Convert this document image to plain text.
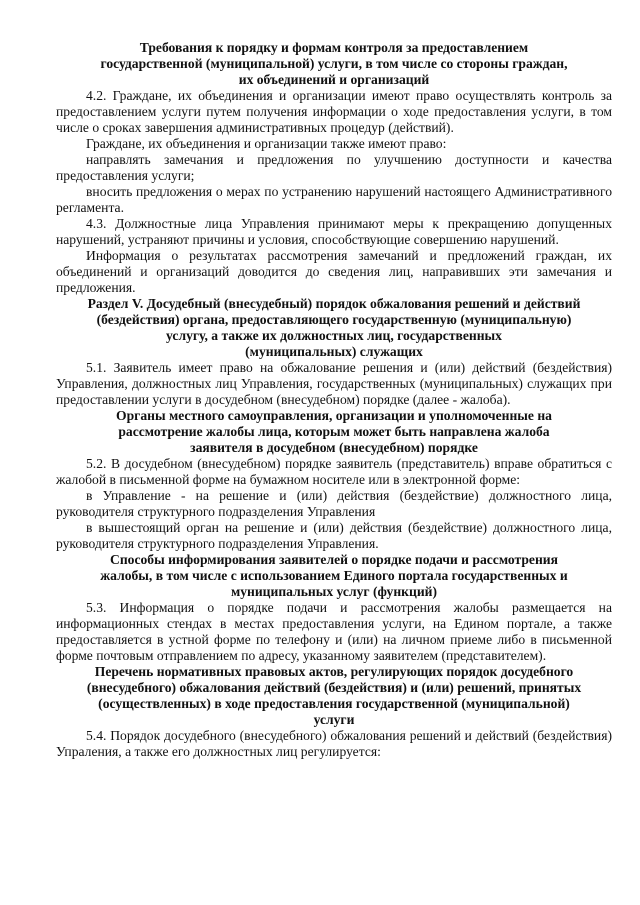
Требования к порядку и формам контроля за предоставлением
государственной (муниципальной) услуги, в том числе со стороны граждан,
их объединений и организаций

4.2. Граждане, их объединения и организации имеют право осуществлять контроль за предоставлением услуги путем получения информации о ходе предоставления услуги, в том числе о сроках завершения административных процедур (действий).

Граждане, их объединения и организации также имеют право:

направлять замечания и предложения по улучшению доступности и качества предоставления услуги;

вносить предложения о мерах по устранению нарушений настоящего Административного регламента.

4.3. Должностные лица Управления принимают меры к прекращению допущенных нарушений, устраняют причины и условия, способствующие совершению нарушений.

Информация о результатах рассмотрения замечаний и предложений граждан, их объединений и организаций доводится до сведения лиц, направивших эти замечания и предложения.

Раздел V. Досудебный (внесудебный) порядок обжалования решений и действий
(бездействия) органа, предоставляющего государственную (муниципальную)
услугу, а также их должностных лиц, государственных
(муниципальных) служащих

5.1. Заявитель имеет право на обжалование решения и (или) действий (бездействия) Управления, должностных лиц Управления, государственных (муниципальных) служащих при предоставлении услуги в досудебном (внесудебном) порядке (далее - жалоба).

Органы местного самоуправления, организации и уполномоченные на
рассмотрение жалобы лица, которым может быть направлена жалоба
заявителя в досудебном (внесудебном) порядке

5.2. В досудебном (внесудебном) порядке заявитель (представитель) вправе обратиться с жалобой в письменной форме на бумажном носителе или в электронной форме:

в Управление - на решение и (или) действия (бездействие) должностного лица, руководителя структурного подразделения Управления

в вышестоящий орган на решение и (или) действия (бездействие) должностного лица, руководителя структурного подразделения Управления.

Способы информирования заявителей о порядке подачи и рассмотрения
жалобы, в том числе с использованием Единого портала государственных и
муниципальных услуг (функций)

5.3. Информация о порядке подачи и рассмотрения жалобы размещается на информационных стендах в местах предоставления услуги, на Едином портале, а также предоставляется в устной форме по телефону и (или) на личном приеме либо в письменной форме почтовым отправлением по адресу, указанному заявителем (представителем).

Перечень нормативных правовых актов, регулирующих порядок досудебного
(внесудебного) обжалования действий (бездействия) и (или) решений, принятых
(осуществленных) в ходе предоставления государственной (муниципальной)
услуги

5.4. Порядок досудебного (внесудебного) обжалования решений и действий (бездействия) Упраления, а также его должностных лиц регулируется:
